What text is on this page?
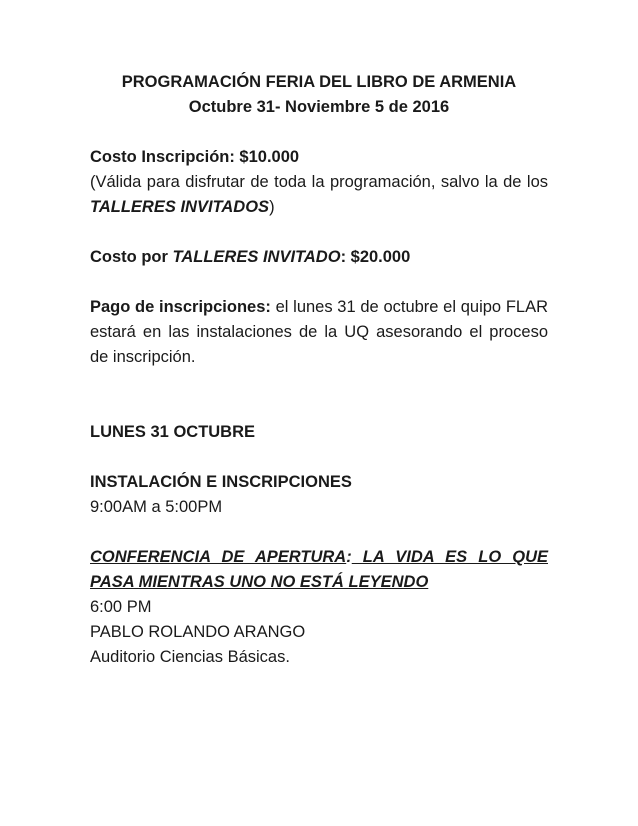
PROGRAMACIÓN FERIA DEL LIBRO DE ARMENIA

Octubre 31- Noviembre 5 de 2016

Costo Inscripción: $10.000

(Válida para disfrutar de toda la programación, salvo la de los TALLERES INVITADOS)

Costo por TALLERES INVITADO: $20.000

Pago de inscripciones: el lunes 31 de octubre el quipo FLAR estará en las instalaciones de la UQ asesorando el proceso de inscripción.

LUNES 31 OCTUBRE

INSTALACIÓN E INSCRIPCIONES

9:00AM a 5:00PM

CONFERENCIA DE APERTURA: LA VIDA ES LO QUE PASA MIENTRAS UNO NO ESTÁ LEYENDO

6:00 PM

PABLO ROLANDO ARANGO

Auditorio Ciencias Básicas.
